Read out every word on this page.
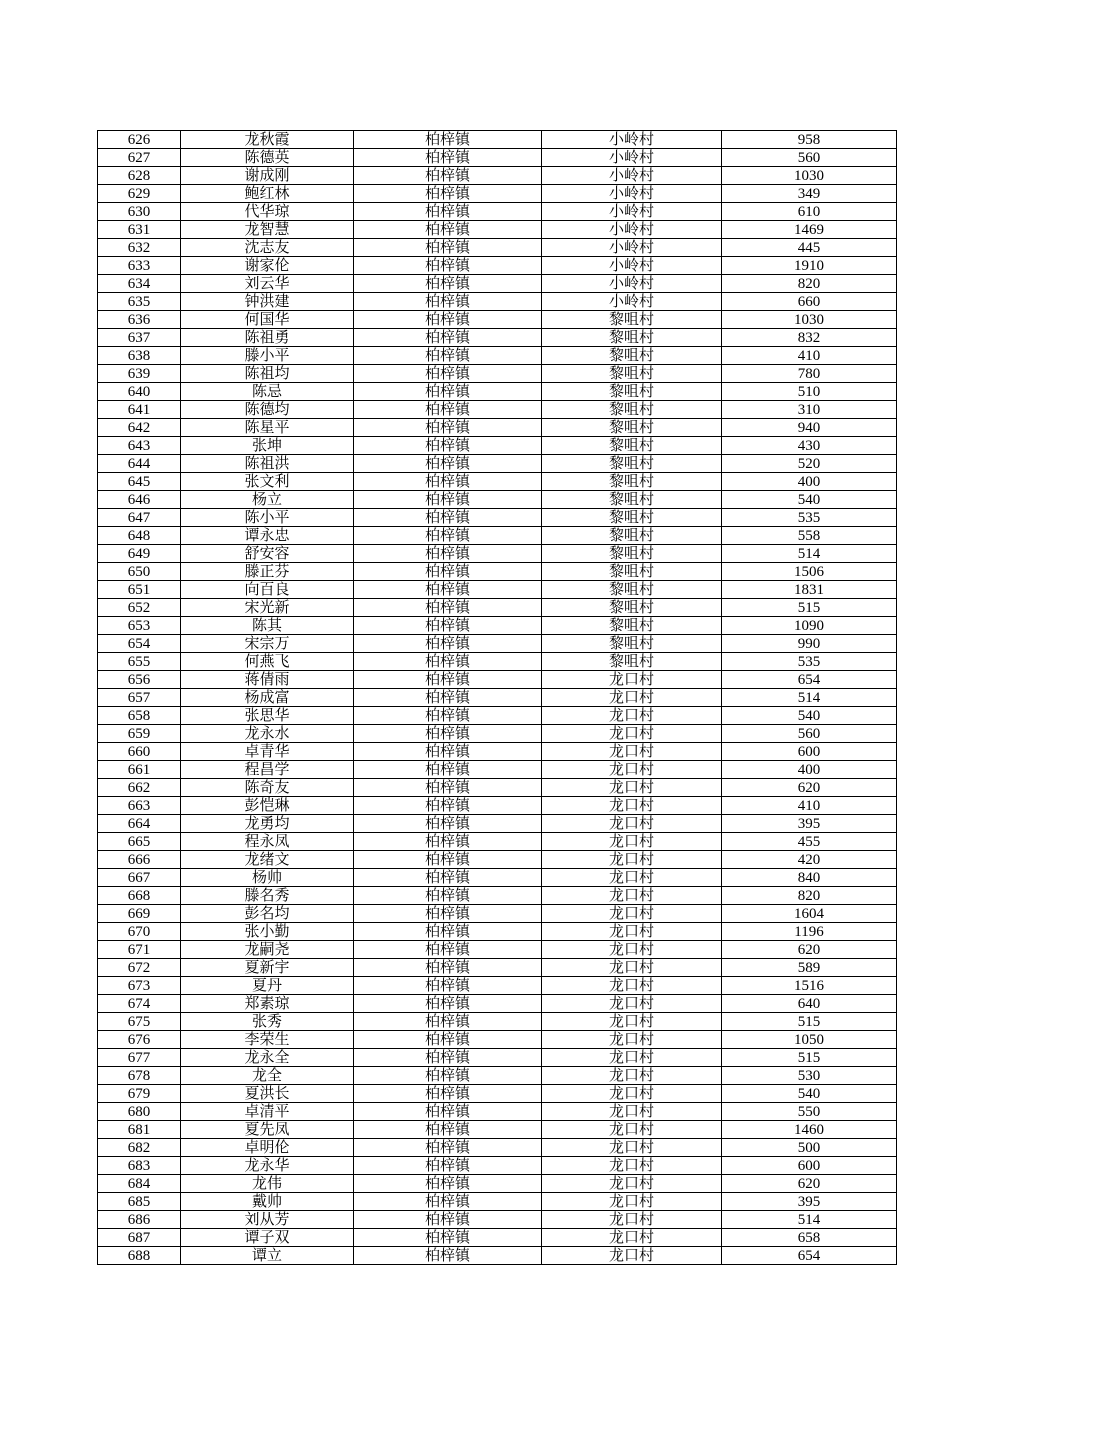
626	龙秋霞	柏梓镇	小岭村	958
627	陈德英	柏梓镇	小岭村	560
628	谢成刚	柏梓镇	小岭村	1030
629	鲍红林	柏梓镇	小岭村	349
630	代华琼	柏梓镇	小岭村	610
631	龙智慧	柏梓镇	小岭村	1469
632	沈志友	柏梓镇	小岭村	445
633	谢家伦	柏梓镇	小岭村	1910
634	刘云华	柏梓镇	小岭村	820
635	钟洪建	柏梓镇	小岭村	660
636	何国华	柏梓镇	黎咀村	1030
637	陈祖勇	柏梓镇	黎咀村	832
638	滕小平	柏梓镇	黎咀村	410
639	陈祖均	柏梓镇	黎咀村	780
640	陈忌	柏梓镇	黎咀村	510
641	陈德均	柏梓镇	黎咀村	310
642	陈星平	柏梓镇	黎咀村	940
643	张坤	柏梓镇	黎咀村	430
644	陈祖洪	柏梓镇	黎咀村	520
645	张文利	柏梓镇	黎咀村	400
646	杨立	柏梓镇	黎咀村	540
647	陈小平	柏梓镇	黎咀村	535
648	谭永忠	柏梓镇	黎咀村	558
649	舒安容	柏梓镇	黎咀村	514
650	滕正芬	柏梓镇	黎咀村	1506
651	向百良	柏梓镇	黎咀村	1831
652	宋光新	柏梓镇	黎咀村	515
653	陈其	柏梓镇	黎咀村	1090
654	宋宗万	柏梓镇	黎咀村	990
655	何燕飞	柏梓镇	黎咀村	535
656	蒋倩雨	柏梓镇	龙口村	654
657	杨成富	柏梓镇	龙口村	514
658	张思华	柏梓镇	龙口村	540
659	龙永水	柏梓镇	龙口村	560
660	卓青华	柏梓镇	龙口村	600
661	程昌学	柏梓镇	龙口村	400
662	陈奇友	柏梓镇	龙口村	620
663	彭恺琳	柏梓镇	龙口村	410
664	龙勇均	柏梓镇	龙口村	395
665	程永凤	柏梓镇	龙口村	455
666	龙绪文	柏梓镇	龙口村	420
667	杨帅	柏梓镇	龙口村	840
668	滕名秀	柏梓镇	龙口村	820
669	彭名均	柏梓镇	龙口村	1604
670	张小勤	柏梓镇	龙口村	1196
671	龙嗣尧	柏梓镇	龙口村	620
672	夏新宇	柏梓镇	龙口村	589
673	夏丹	柏梓镇	龙口村	1516
674	郑素琼	柏梓镇	龙口村	640
675	张秀	柏梓镇	龙口村	515
676	李荣生	柏梓镇	龙口村	1050
677	龙永全	柏梓镇	龙口村	515
678	龙全	柏梓镇	龙口村	530
679	夏洪长	柏梓镇	龙口村	540
680	卓清平	柏梓镇	龙口村	550
681	夏先凤	柏梓镇	龙口村	1460
682	卓明伦	柏梓镇	龙口村	500
683	龙永华	柏梓镇	龙口村	600
684	龙伟	柏梓镇	龙口村	620
685	戴帅	柏梓镇	龙口村	395
686	刘从芳	柏梓镇	龙口村	514
687	谭子双	柏梓镇	龙口村	658
688	谭立	柏梓镇	龙口村	654
